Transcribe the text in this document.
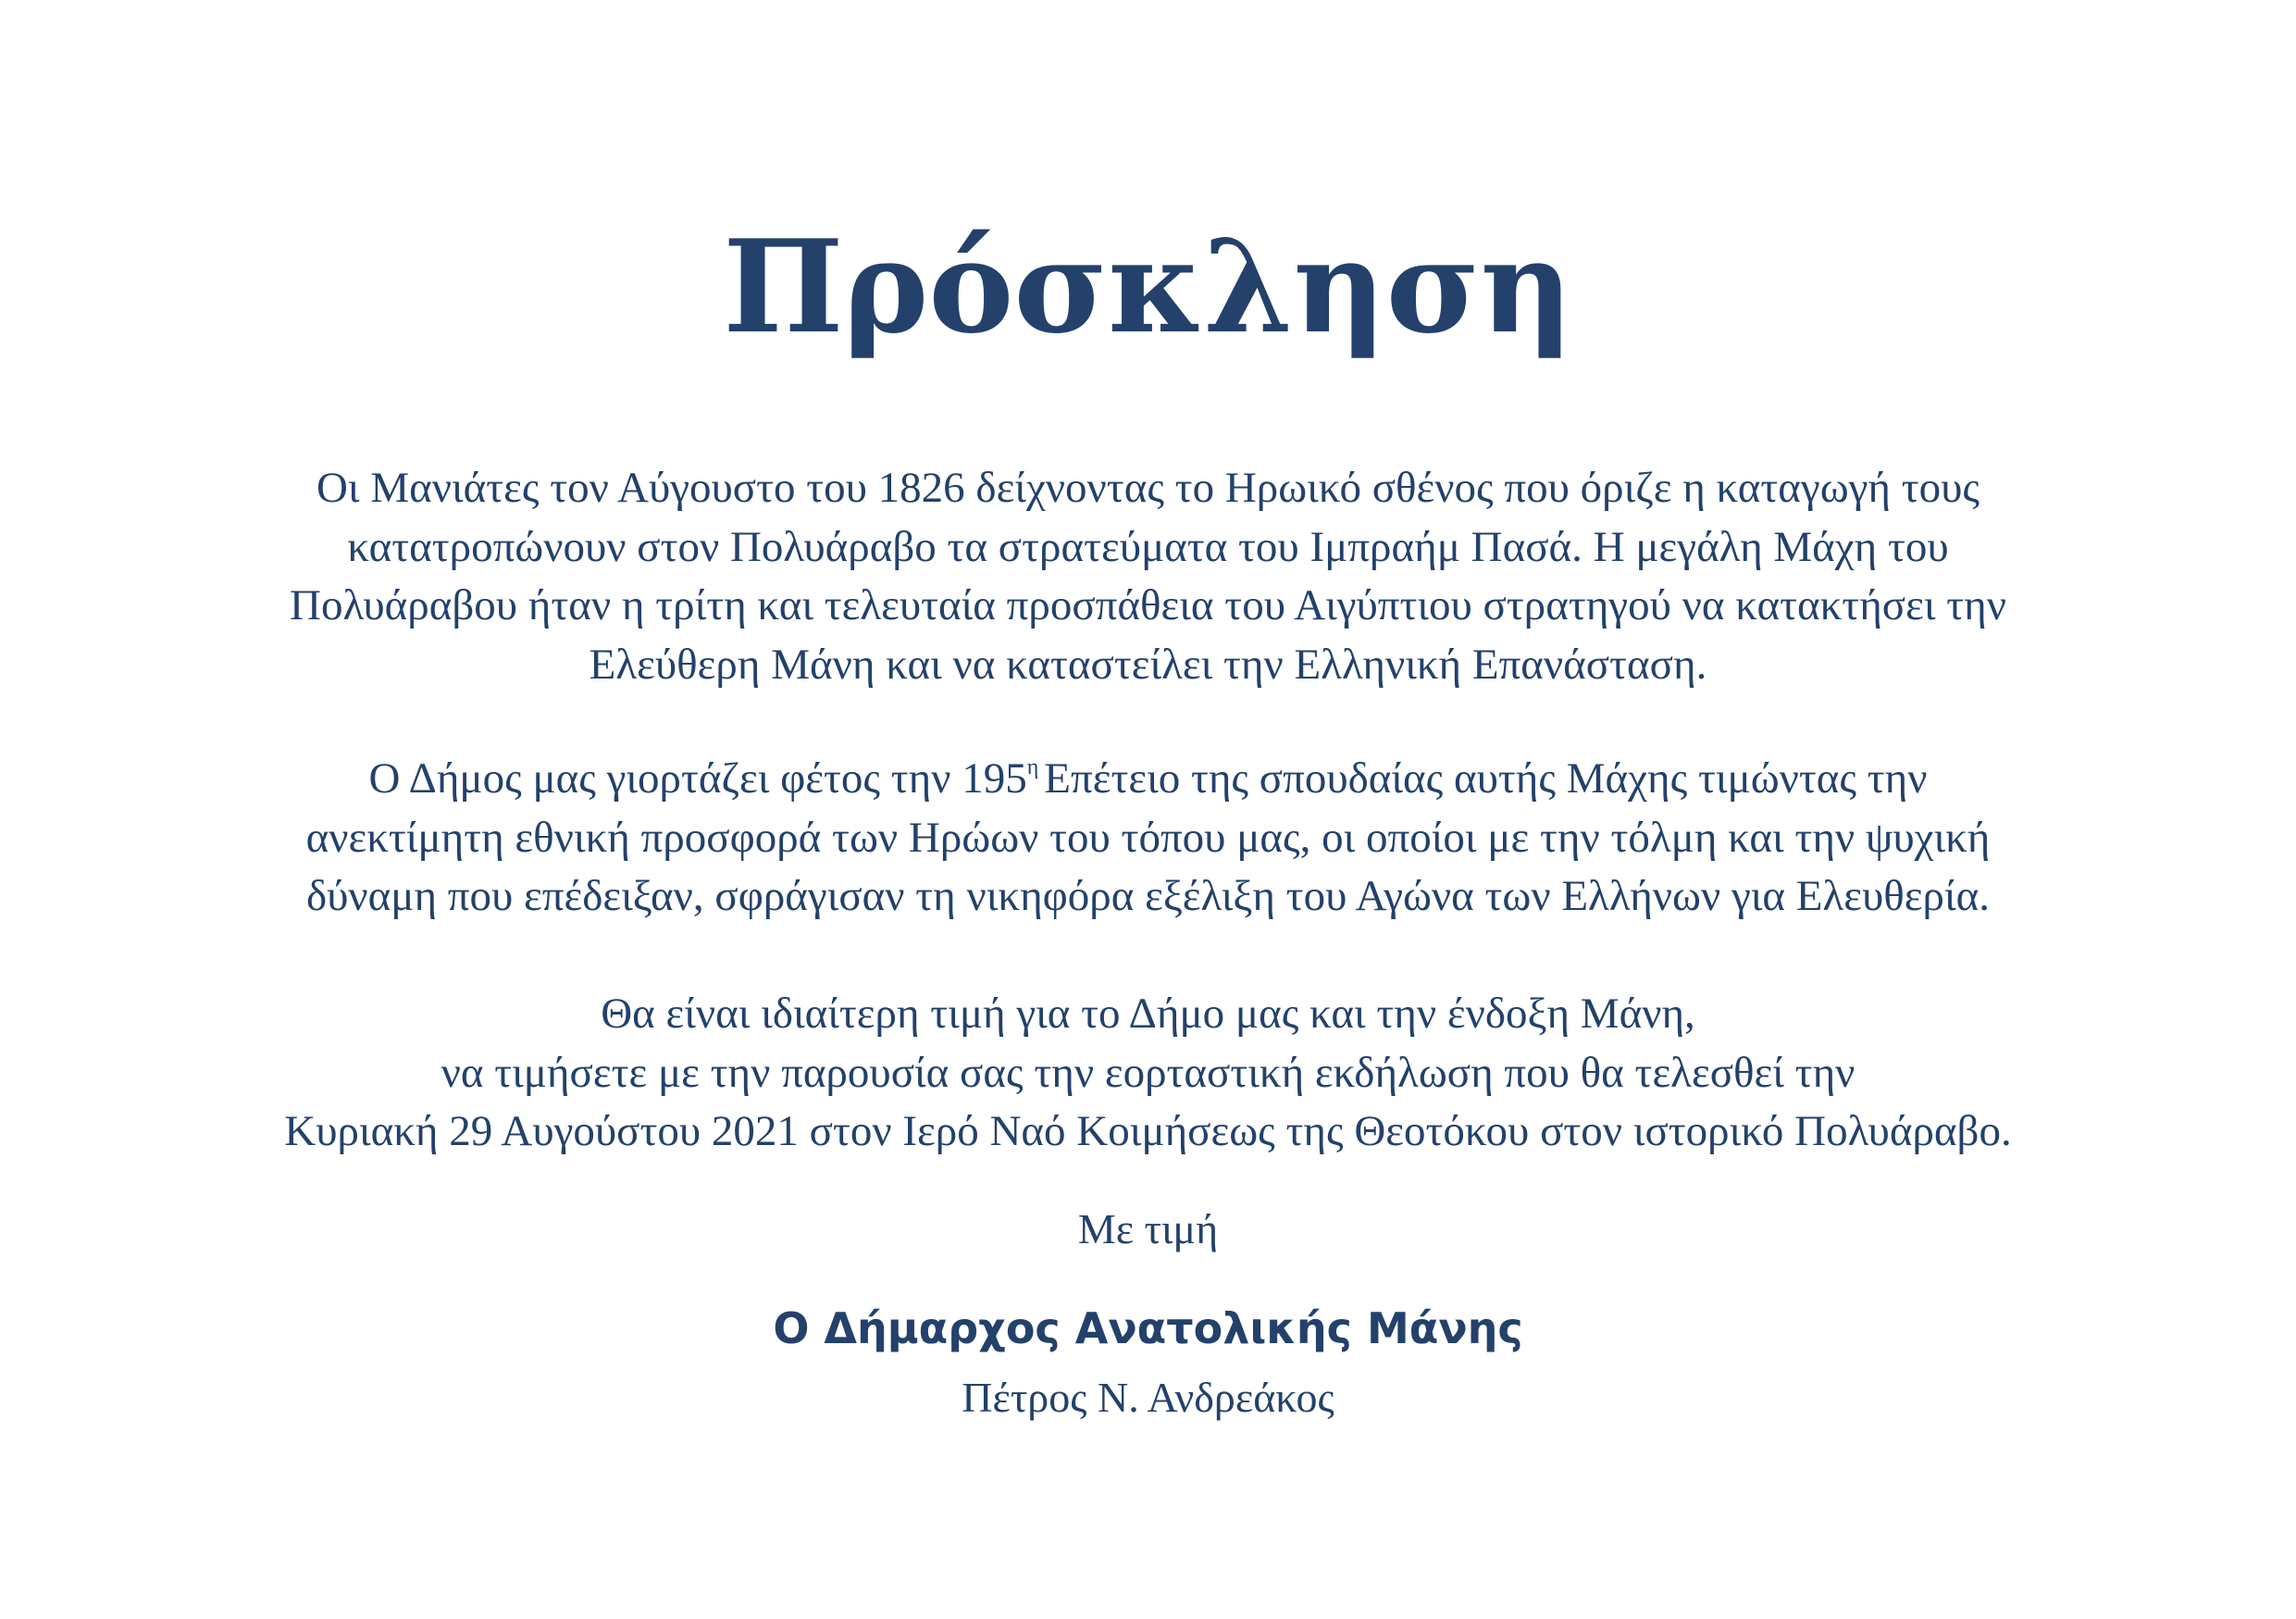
Πρόσκληση

Οι Μανιάτες τον Αύγουστο του 1826 δείχνοντας το Ηρωικό σθένος που όριζε η καταγωγή τους
κατατροπώνουν στον Πολυάραβο τα στρατεύματα του Ιμπραήμ Πασά. Η μεγάλη Μάχη του
Πολυάραβου ήταν η τρίτη και τελευταία προσπάθεια του Αιγύπτιου στρατηγού να κατακτήσει την
Ελεύθερη Μάνη και να καταστείλει την Ελληνική Επανάσταση.

Ο Δήμος μας γιορτάζει φέτος την $195^\eta$ Επέτειο της σπουδαίας αυτής Μάχης τιμώντας την
ανεκτίμητη εθνική προσφορά των Ηρώων του τόπου μας, οι οποίοι με την τόλμη και την ψυχική
δύναμη που επέδειξαν, σφράγισαν τη νικηφόρα εξέλιξη του Αγώνα των Ελλήνων για Ελευθερία.

Θα είναι ιδιαίτερη τιμή για το Δήμο μας και την ένδοξη Μάνη,
να τιμήσετε με την παρουσία σας την εορταστική εκδήλωση που θα τελεσθεί την
Κυριακή 29 Αυγούστου 2021 στον Ιερό Ναό Κοιμήσεως της Θεοτόκου στον ιστορικό Πολυάραβο.

Με τιμή

Ο Δήμαρχος Ανατολικής Μάνης

Πέτρος Ν. Ανδρεάκος
